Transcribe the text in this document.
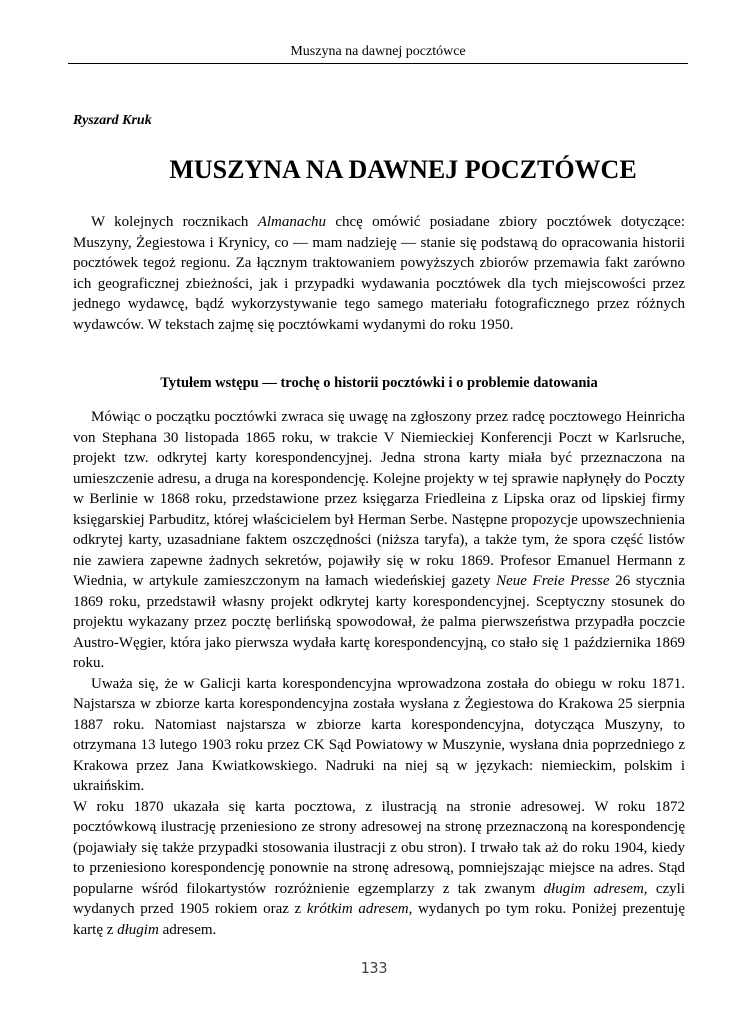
Muszyna na dawnej pocztówce
Ryszard Kruk
MUSZYNA NA DAWNEJ POCZTÓWCE

W kolejnych rocznikach Almanachu chcę omówić posiadane zbiory pocztówek dotyczące: Muszyny, Żegiestowa i Krynicy, co — mam nadzieję — stanie się podstawą do opracowania historii pocztówek tegoż regionu. Za łącznym traktowaniem powyższych zbiorów przemawia fakt zarówno ich geograficznej zbieżności, jak i przypadki wydawania pocztówek dla tych miejscowości przez jednego wydawcę, bądź wykorzystywanie tego samego materiału fotograficznego przez różnych wydawców. W tekstach zajmę się pocztówkami wydanymi do roku 1950.

Tytułem wstępu — trochę o historii pocztówki i o problemie datowania

Mówiąc o początku pocztówki zwraca się uwagę na zgłoszony przez radcę pocztowego Heinricha von Stephana 30 listopada 1865 roku, w trakcie V Niemieckiej Konferencji Poczt w Karlsruche, projekt tzw. odkrytej karty korespondencyjnej. Jedna strona karty miała być przeznaczona na umieszczenie adresu, a druga na korespondencję. Kolejne projekty w tej sprawie napłynęły do Poczty w Berlinie w 1868 roku, przedstawione przez księgarza Friedleina z Lipska oraz od lipskiej firmy księgarskiej Parbuditz, której właścicielem był Herman Serbe. Następne propozycje upowszechnienia odkrytej karty, uzasadniane faktem oszczędności (niższa taryfa), a także tym, że spora część listów nie zawiera zapewne żadnych sekretów, pojawiły się w roku 1869. Profesor Emanuel Hermann z Wiednia, w artykule zamieszczonym na łamach wiedeńskiej gazety Neue Freie Presse 26 stycznia 1869 roku, przedstawił własny projekt odkrytej karty korespondencyjnej. Sceptyczny stosunek do projektu wykazany przez pocztę berlińską spowodował, że palma pierwszeństwa przypadła poczcie Austro-Węgier, która jako pierwsza wydała kartę korespondencyjną, co stało się 1 października 1869 roku.

Uważa się, że w Galicji karta korespondencyjna wprowadzona została do obiegu w roku 1871. Najstarsza w zbiorze karta korespondencyjna została wysłana z Żegiestowa do Krakowa 25 sierpnia 1887 roku. Natomiast najstarsza w zbiorze karta korespondencyjna, dotycząca Muszyny, to otrzymana 13 lutego 1903 roku przez CK Sąd Powiatowy w Muszynie, wysłana dnia poprzedniego z Krakowa przez Jana Kwiatkowskiego. Nadruki na niej są w językach: niemieckim, polskim i ukraińskim.

W roku 1870 ukazała się karta pocztowa, z ilustracją na stronie adresowej. W roku 1872 pocztówkową ilustrację przeniesiono ze strony adresowej na stronę przeznaczoną na korespondencję (pojawiały się także przypadki stosowania ilustracji z obu stron). I trwało tak aż do roku 1904, kiedy to przeniesiono korespondencję ponownie na stronę adresową, pomniejszając miejsce na adres. Stąd popularne wśród filokartystów rozróżnienie egzemplarzy z tak zwanym długim adresem, czyli wydanych przed 1905 rokiem oraz z krótkim adresem, wydanych po tym roku. Poniżej prezentuję kartę z długim adresem.

133
